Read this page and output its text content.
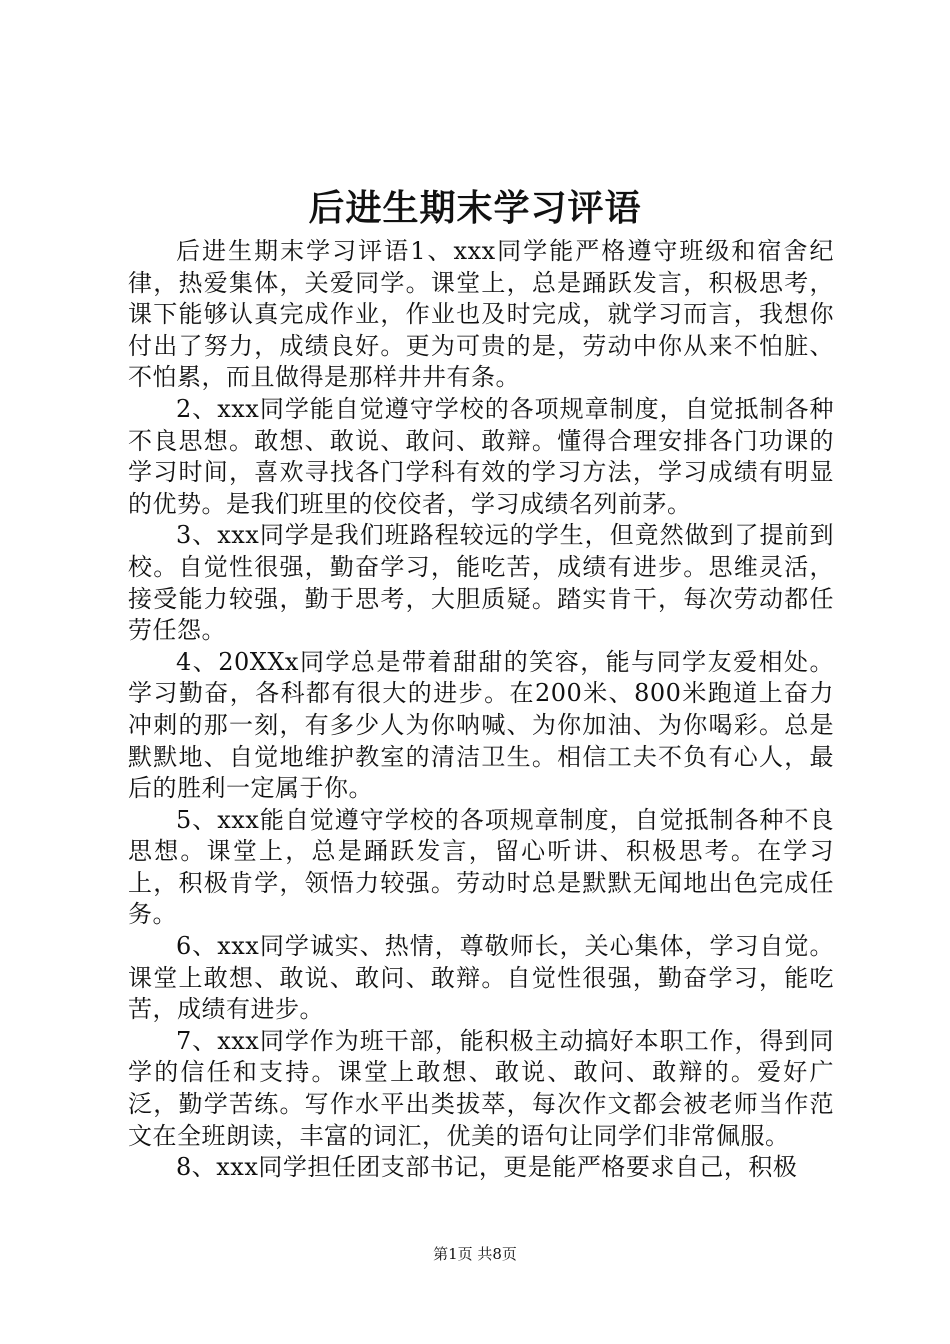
后进生期末学习评语

后进生期末学习评语1、xxx同学能严格遵守班级和宿舍纪律，热爱集体，关爱同学。课堂上，总是踊跃发言，积极思考，课下能够认真完成作业，作业也及时完成，就学习而言，我想你付出了努力，成绩良好。更为可贵的是，劳动中你从来不怕脏、不怕累，而且做得是那样井井有条。

2、xxx同学能自觉遵守学校的各项规章制度，自觉抵制各种不良思想。敢想、敢说、敢问、敢辩。懂得合理安排各门功课的学习时间，喜欢寻找各门学科有效的学习方法，学习成绩有明显的优势。是我们班里的佼佼者，学习成绩名列前茅。

3、xxx同学是我们班路程较远的学生，但竟然做到了提前到校。自觉性很强，勤奋学习，能吃苦，成绩有进步。思维灵活，接受能力较强，勤于思考，大胆质疑。踏实肯干，每次劳动都任劳任怨。

4、20XXx同学总是带着甜甜的笑容，能与同学友爱相处。学习勤奋，各科都有很大的进步。在200米、800米跑道上奋力冲刺的那一刻，有多少人为你呐喊、为你加油、为你喝彩。总是默默地、自觉地维护教室的清洁卫生。相信工夫不负有心人，最后的胜利一定属于你。

5、xxx能自觉遵守学校的各项规章制度，自觉抵制各种不良思想。课堂上，总是踊跃发言，留心听讲、积极思考。在学习上，积极肯学，领悟力较强。劳动时总是默默无闻地出色完成任务。

6、xxx同学诚实、热情，尊敬师长，关心集体，学习自觉。课堂上敢想、敢说、敢问、敢辩。自觉性很强，勤奋学习，能吃苦，成绩有进步。

7、xxx同学作为班干部，能积极主动搞好本职工作，得到同学的信任和支持。课堂上敢想、敢说、敢问、敢辩的。爱好广泛，勤学苦练。写作水平出类拔萃，每次作文都会被老师当作范文在全班朗读，丰富的词汇，优美的语句让同学们非常佩服。

8、xxx同学担任团支部书记，更是能严格要求自己，积极

第1页 共8页
